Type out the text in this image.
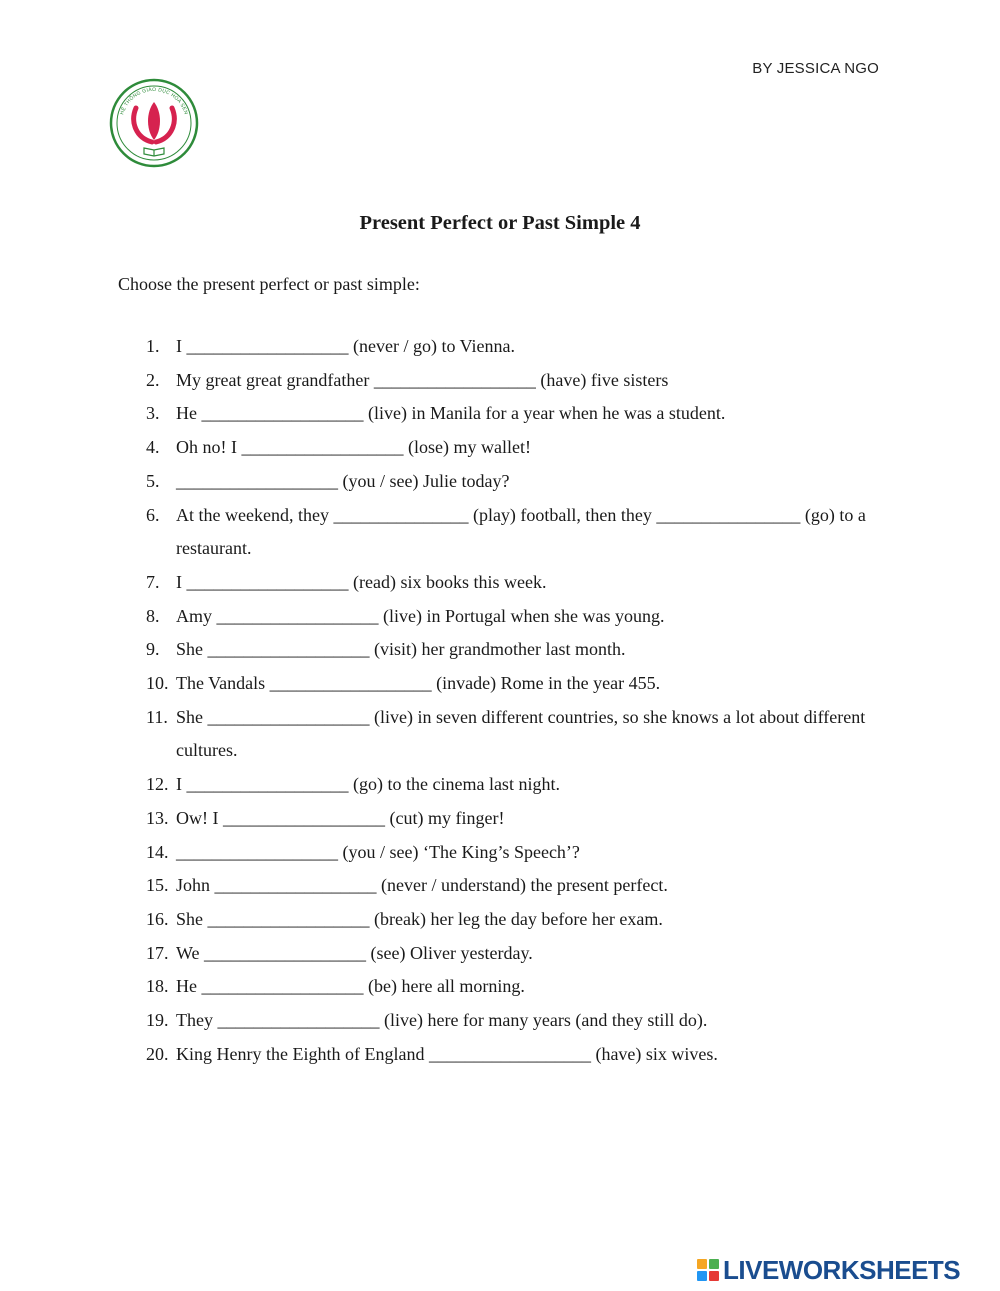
BY JESSICA NGO
HỆ THỐNG GIÁO DỤC HOA SEN
Present Perfect or Past Simple 4
Choose the present perfect or past simple:
1. I __________________ (never / go) to Vienna.
2. My great great grandfather __________________ (have) five sisters
3. He __________________ (live) in Manila for a year when he was a student.
4. Oh no! I __________________ (lose) my wallet!
5. __________________ (you / see) Julie today?
6. At the weekend, they _______________ (play) football, then they ________________ (go) to a restaurant.
7. I __________________ (read) six books this week.
8. Amy __________________ (live) in Portugal when she was young.
9. She __________________ (visit) her grandmother last month.
10. The Vandals __________________ (invade) Rome in the year 455.
11. She __________________ (live) in seven different countries, so she knows a lot about different cultures.
12. I __________________ (go) to the cinema last night.
13. Ow! I __________________ (cut) my finger!
14. __________________ (you / see) ‘The King’s Speech’?
15. John __________________ (never / understand) the present perfect.
16. She __________________ (break) her leg the day before her exam.
17. We __________________ (see) Oliver yesterday.
18. He __________________ (be) here all morning.
19. They __________________ (live) here for many years (and they still do).
20. King Henry the Eighth of England __________________ (have) six wives.
LIVEWORKSHEETS
